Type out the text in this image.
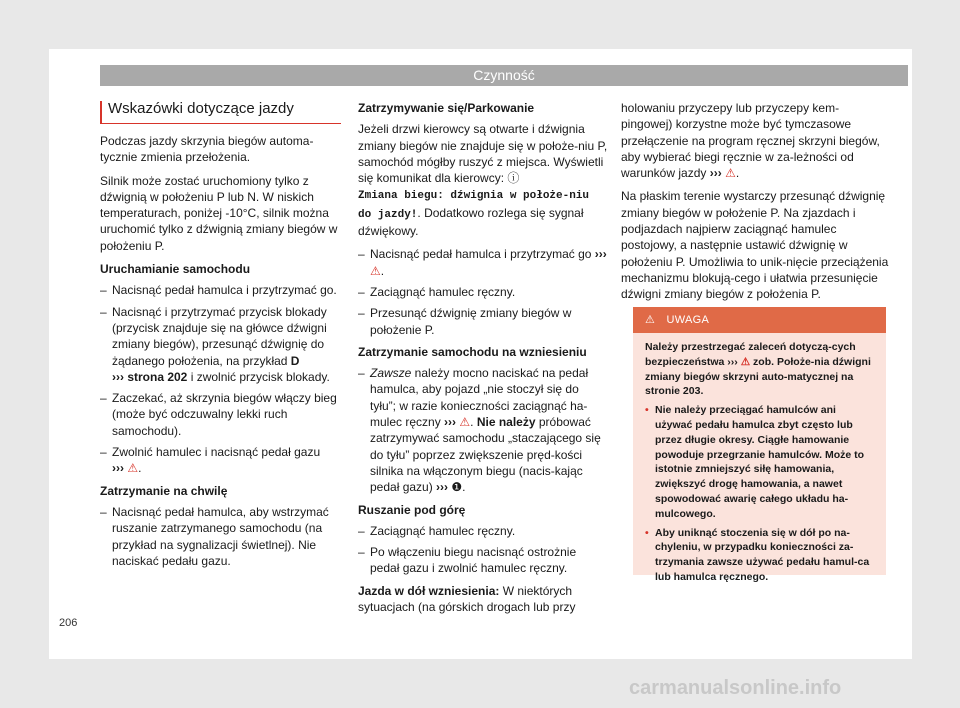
Czynność
Wskazówki dotyczące jazdy

Podczas jazdy skrzynia biegów automa-tycznie zmienia przełożenia.

Silnik może zostać uruchomiony tylko z dźwignią w położeniu P lub N. W niskich temperaturach, poniżej -10°C, silnik można uruchomić tylko z dźwignią zmiany biegów w położeniu P.

Uruchamianie samochodu
– Nacisnąć pedał hamulca i przytrzymać go.
– Nacisnąć i przytrzymać przycisk blokady (przycisk znajduje się na główce dźwigni zmiany biegów), przesunąć dźwignię do żądanego położenia, na przykład D
››› strona 202 i zwolnić przycisk blokady.
– Zaczekać, aż skrzynia biegów włączy bieg (może być odczuwalny lekki ruch samochodu).
– Zwolnić hamulec i nacisnąć pedał gazu
››› ⚠.
Zatrzymanie na chwilę
– Nacisnąć pedał hamulca, aby wstrzymać ruszanie zatrzymanego samochodu (na przykład na sygnalizacji świetlnej). Nie naciskać pedału gazu.
Zatrzymywanie się/Parkowanie

Jeżeli drzwi kierowcy są otwarte i dźwignia zmiany biegów nie znajduje się w położe-niu P, samochód mógłby ruszyć z miejsca. Wyświetli się komunikat dla kierowcy: ⓘ
Zmiana biegu: dźwignia w położe-niu do jazdy!. Dodatkowo rozlega się sygnał dźwiękowy.

– Nacisnąć pedał hamulca i przytrzymać go ››› ⚠.
– Zaciągnąć hamulec ręczny.
– Przesunąć dźwignię zmiany biegów w położenie P.
Zatrzymanie samochodu na wzniesieniu
– Zawsze należy mocno naciskać na pedał hamulca, aby pojazd „nie stoczył się do tyłu”; w razie konieczności zaciągnąć ha-mulec ręczny ››› ⚠. Nie należy próbować zatrzymywać samochodu „staczającego się do tyłu” poprzez zwiększenie pręd-kości silnika na włączonym biegu (nacis-kając pedał gazu) ››› ❶.
Ruszanie pod górę
– Zaciągnąć hamulec ręczny.
– Po włączeniu biegu nacisnąć ostrożnie pedał gazu i zwolnić hamulec ręczny.

Jazda w dół wzniesienia: W niektórych sytuacjach (na górskich drogach lub przy

holowaniu przyczepy lub przyczepy kem-pingowej) korzystne może być tymczasowe przełączenie na program ręcznej skrzyni biegów, aby wybierać biegi ręcznie w za-leżności od warunków jazdy ››› ⚠.

Na płaskim terenie wystarczy przesunąć dźwignię zmiany biegów w położenie P. Na zjazdach i podjazdach najpierw zaciągnąć hamulec postojowy, a następnie ustawić dźwignię w położeniu P. Umożliwia to unik-nięcie przeciążenia mechanizmu blokują-cego i ułatwia przesunięcie dźwigni zmiany biegów z położenia P.

⚠ UWAGA

Należy przestrzegać zaleceń dotyczą-cych bezpieczeństwa ››› ⚠ zob. Położe-nia dźwigni zmiany biegów skrzyni auto-matycznej na stronie 203.

• Nie należy przeciągać hamulców ani używać pedału hamulca zbyt często lub przez długie okresy. Ciągłe hamowanie powoduje przegrzanie hamulców. Może to istotnie zmniejszyć siłę hamowania, zwiększyć drogę hamowania, a nawet spowodować awarię całego układu ha-mulcowego.

• Aby uniknąć stoczenia się w dół po na-chyleniu, w przypadku konieczności za-trzymania zawsze używać pedału hamul-ca lub hamulca ręcznego.

206
carmanualsonline.info
